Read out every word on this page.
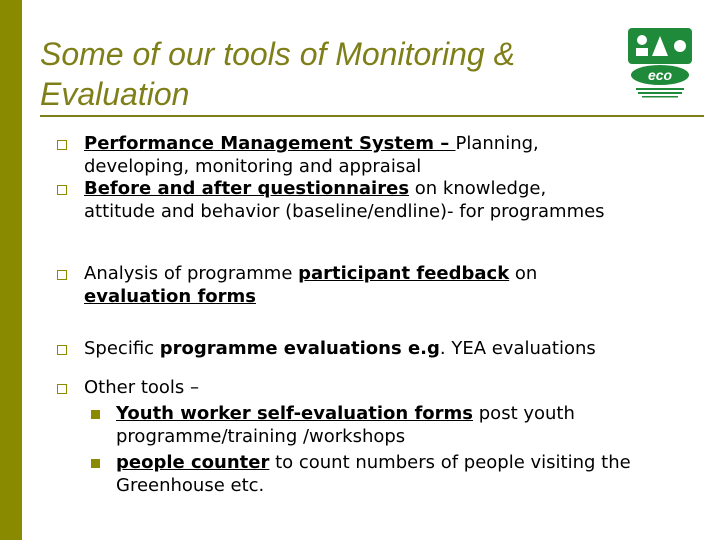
Some of our tools of Monitoring & Evaluation
eco

Performance Management System – Planning, developing, monitoring and appraisal

Before and after questionnaires on knowledge, attitude and behavior (baseline/endline)- for programmes

Analysis of programme participant feedback on evaluation forms

Specific programme evaluations e.g. YEA evaluations

Other tools –

Youth worker self-evaluation forms post youth programme/training /workshops

people counter to count numbers of people visiting the Greenhouse etc.
